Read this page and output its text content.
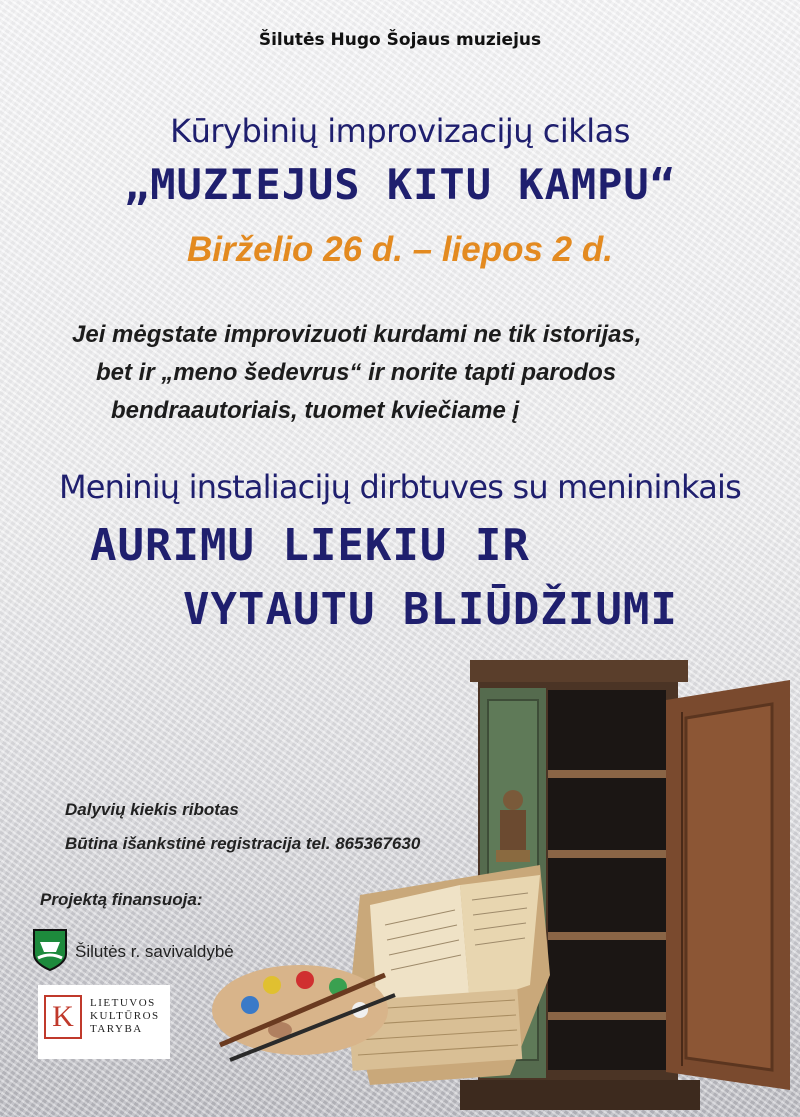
Šilutės Hugo Šojaus muziejus
Kūrybinių improvizacijų ciklas
„MUZIEJUS KITU KAMPU“
Birželio 26 d. – liepos 2 d.
Jei mėgstate improvizuoti kurdami ne tik istorijas,
bet ir „meno šedevrus“ ir norite tapti parodos
bendraautoriais, tuomet kviečiame į
Meninių instaliacijų dirbtuves su menininkais
AURIMU LIEKIU IR
VYTAUTU BLIŪDŽIUMI
Dalyvių kiekis ribotas
Būtina išankstinė registracija tel. 865367630
Projektą finansuoja:
Šilutės r. savivaldybė
K	LIETUVOS
KULTŪROS
TARYBA
